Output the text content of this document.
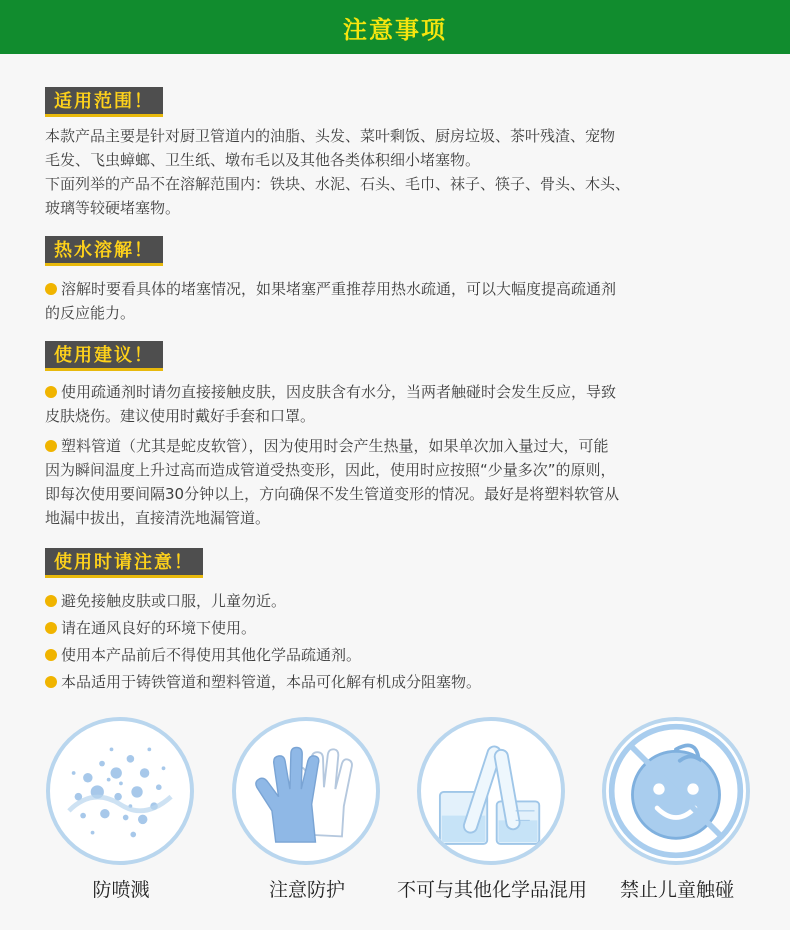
注意事项
适用范围！
本款产品主要是针对厨卫管道内的油脂、头发、菜叶剩饭、厨房垃圾、茶叶残渣、宠物
毛发、飞虫蟑螂、卫生纸、墩布毛以及其他各类体积细小堵塞物。
下面列举的产品不在溶解范围内：铁块、水泥、石头、毛巾、袜子、筷子、骨头、木头、
玻璃等较硬堵塞物。
热水溶解！
溶解时要看具体的堵塞情况，如果堵塞严重推荐用热水疏通，可以大幅度提高疏通剂
的反应能力。
使用建议！
使用疏通剂时请勿直接接触皮肤，因皮肤含有水分，当两者触碰时会发生反应，导致
皮肤烧伤。建议使用时戴好手套和口罩。
塑料管道（尤其是蛇皮软管），因为使用时会产生热量，如果单次加入量过大，可能
因为瞬间温度上升过高而造成管道受热变形，因此，使用时应按照“少量多次”的原则，
即每次使用要间隔30分钟以上，方向确保不发生管道变形的情况。最好是将塑料软管从
地漏中拔出，直接清洗地漏管道。
使用时请注意！
避免接触皮肤或口服，儿童勿近。
请在通风良好的环境下使用。
使用本产品前后不得使用其他化学品疏通剂。
本品适用于铸铁管道和塑料管道，本品可化解有机成分阻塞物。
防喷溅	注意防护	不可与其他化学品混用	禁止儿童触碰
